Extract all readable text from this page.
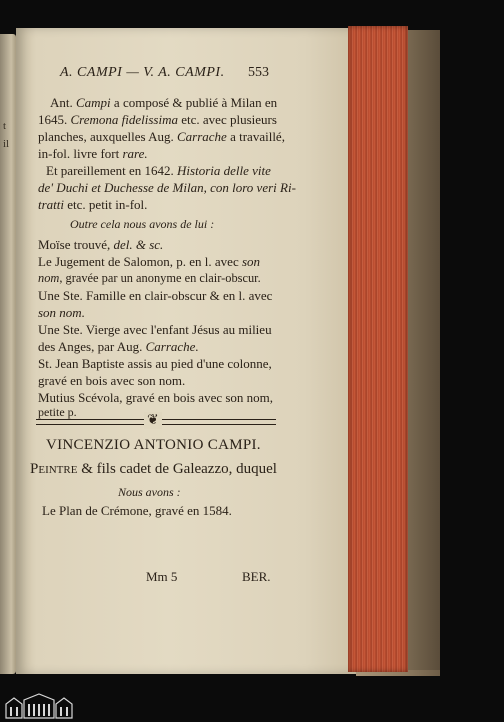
t
il
A. CAMPI — V. A. CAMPI. 553
Ant. Campi a composé & publié à Milan en
1645. Cremona fidelissima etc. avec plusieurs
planches, auxquelles Aug. Carrache a travaillé,
in-fol. livre fort rare.
Et pareillement en 1642. Historia delle vite
de' Duchi et Duchesse de Milan, con loro veri Ri-
tratti etc. petit in-fol.
Outre cela nous avons de lui :
Moïse trouvé, del. & sc.
Le Jugement de Salomon, p. en l. avec son
nom, gravée par un anonyme en clair-obscur.
Une Ste. Famille en clair-obscur & en l. avec
son nom.
Une Ste. Vierge avec l'enfant Jésus au milieu
des Anges, par Aug. Carrache.
St. Jean Baptiste assis au pied d'une colonne,
gravé en bois avec son nom.
Mutius Scévola, gravé en bois avec son nom,
petite p.
❦
VINCENZIO ANTONIO CAMPI.
Peintre & fils cadet de Galeazzo, duquel
Nous avons :
Le Plan de Crémone, gravé en 1584.
Mm 5	BER.
